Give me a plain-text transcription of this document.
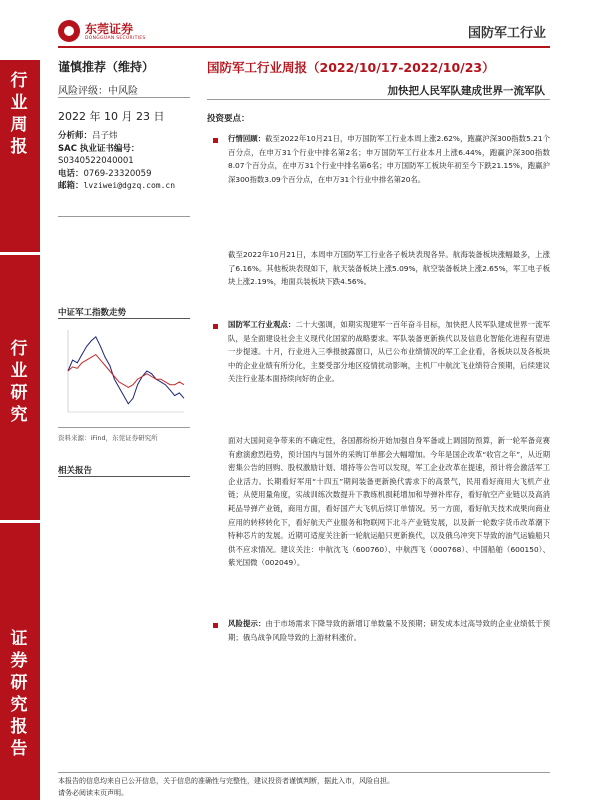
东莞证券
DONGGUAN SECURITIES	国防军工行业
行业周报
行业研究
证券研究报告
谨慎推荐（维持）
风险评级：中风险
2022 年 10 月 23 日
分析师：吕子炜
SAC 执业证书编号：
S0340522040001
电话：0769-23320059
邮箱：lvziwei@dgzq.com.cn
中证军工指数走势
资料来源：iFind，东莞证券研究所
相关报告
国防军工行业周报（2022/10/17-2022/10/23）
加快把人民军队建成世界一流军队
投资要点：
行情回顾：截至2022年10月21日，申万国防军工行业本周上涨2.62%，跑赢沪深300指数5.21个百分点，在申万31个行业中排名第2名；申万国防军工行业本月上涨6.44%，跑赢沪深300指数8.07个百分点，在申万31个行业中排名第6名；申万国防军工板块年初至今下跌21.15%，跑赢沪深300指数3.09个百分点，在申万31个行业中排名第20名。
截至2022年10月21日，本周申万国防军工行业各子板块表现各异。航海装备板块涨幅最多，上涨了6.16%。其他板块表现如下，航天装备板块上涨5.09%，航空装备板块上涨2.65%，军工电子板块上涨2.19%，地面兵装板块下跌4.56%。
国防军工行业观点：二十大强调，如期实现建军一百年奋斗目标，加快把人民军队建成世界一流军队，是全面建设社会主义现代化国家的战略要求。军队装备更新换代以及信息化智能化进程有望进一步提速。十月，行业进入三季报披露窗口，从已公布业绩情况的军工企业看，各板块以及各板块中的企业业绩有所分化，主要受部分地区疫情扰动影响，主机厂中航沈飞业绩符合预期，后续建议关注行业基本面持续向好的企业。
面对大国间竞争带来的不确定性，各国都纷纷开始加强自身军备或上调国防预算，新一轮军备竞赛有愈演愈烈趋势，预计国内与国外的采购订单都会大幅增加。今年是国企改革“收官之年”，从近期密集公告的回购、股权激励计划、增持等公告可以发现，军工企业改革在提速，预计将会激活军工企业活力。长期看好军用“十四五”期间装备更新换代需求下的高景气，民用看好商用大飞机产业链；从使用量角度，实战训练次数提升下教练机损耗增加和导弹补库存，看好航空产业链以及高消耗品导弹产业链，商用方面，看好国产大飞机后续订单情况。另一方面，看好航天技术成果向商业应用的转移转化下，看好航天产业服务和物联网下北斗产业链发展，以及新一轮数字货币改革潮下特种芯片的发展。近期可适度关注新一轮航运船只更新换代，以及俄乌冲突下导致的油气运输船只供不应求情况。建议关注：中航沈飞（600760）、中航西飞（000768）、中国船舶（600150）、紫光国微（002049）。
风险提示：由于市场需求下降导致的新增订单数量不及预期；研发成本过高导致的企业业绩低于预期；俄乌战争风险导致的上游材料涨价。
本报告的信息均来自已公开信息，关于信息的准确性与完整性，建议投资者谨慎判断，据此入市，风险自担。
请务必阅读末页声明。
